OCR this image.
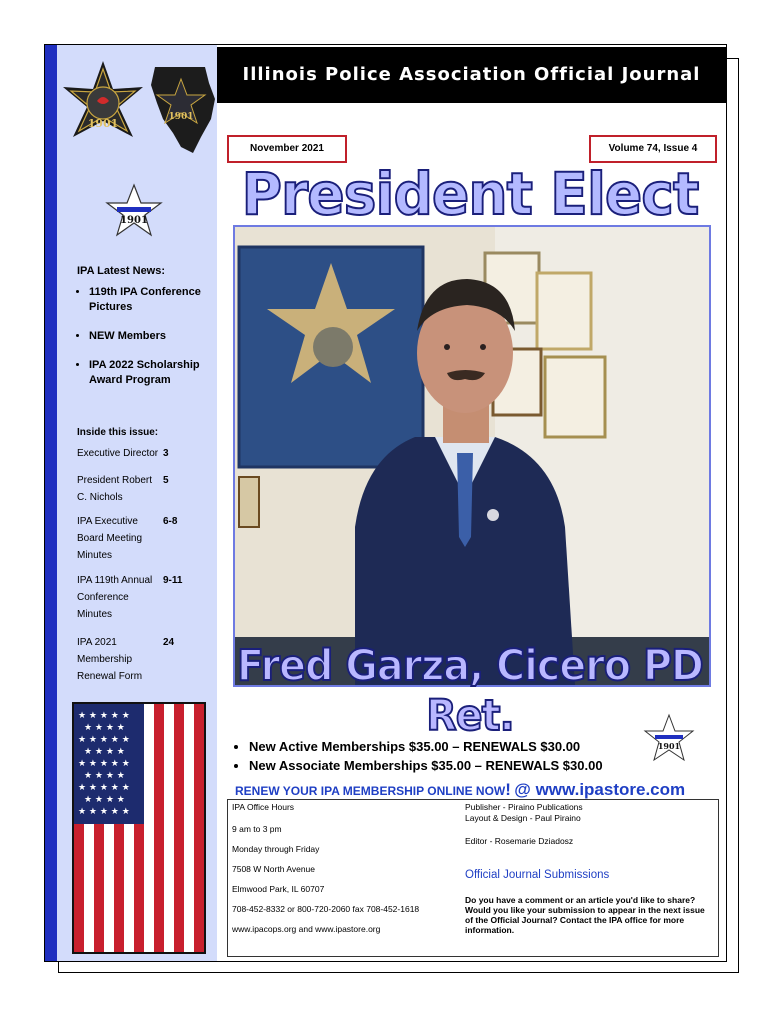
1901	1901
Illinois Police Association Official Journal
1901
IPA Latest News:
• 119th IPA Conference Pictures
• NEW Members
• IPA 2022 Scholarship Award Program
Inside this issue:
Executive Director 3
President Robert C. Nichols
5
IPA Executive Board Meeting Minutes
6-8
IPA 119th Annual Conference Minutes
9-11
IPA 2021 Membership Renewal Form
24
★ ★ ★ ★ ★
★ ★ ★ ★
★ ★ ★ ★ ★
★ ★ ★ ★
★ ★ ★ ★ ★
★ ★ ★ ★
★ ★ ★ ★ ★
★ ★ ★ ★
★ ★ ★ ★ ★
November 2021	Volume 74, Issue 4
President Elect
Fred Garza, Cicero PD Ret.
1901
• New Active Memberships $35.00 – RENEWALS $30.00
• New Associate Memberships $35.00 – RENEWALS $30.00
RENEW YOUR IPA MEMBERSHIP ONLINE NOW! @ www.ipastore.com
IPA Office Hours
9 am to 3 pm
Monday through Friday
7508 W North Avenue
Elmwood Park, IL 60707
708-452-8332 or 800-720-2060 fax 708-452-1618
www.ipacops.org and www.ipastore.org
Publisher - Piraino Publications
Layout & Design - Paul Piraino
Editor - Rosemarie Dziadosz
Official Journal Submissions
Do you have a comment or an article you'd like to share? Would you like your submission to appear in the next issue of the Official Journal? Contact the IPA office for more information.
